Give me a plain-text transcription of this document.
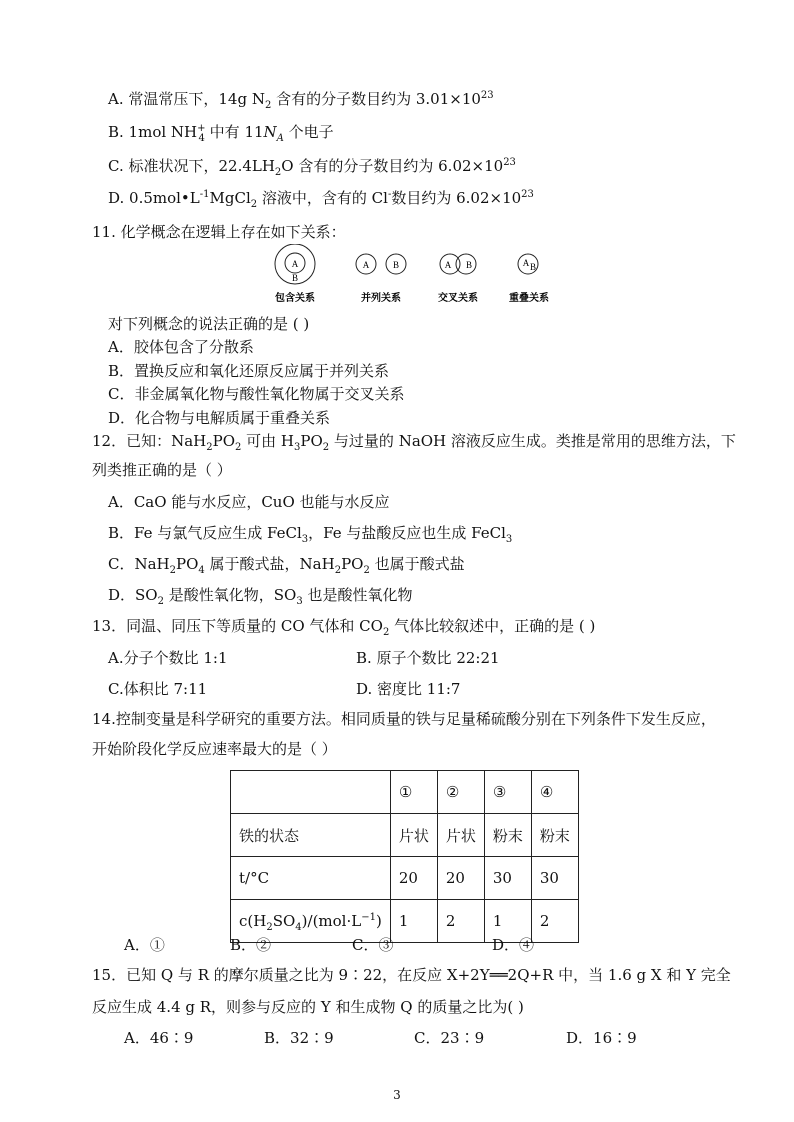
A. 常温常压下，14g $N_2$ 含有的分子数目约为 $3.01\times 10^{23}$
B. 1mol $NH^+_4$ 中有 $11N_A$ 个电子
C. 标准状况下，$22.4LH_2O$ 含有的分子数目约为 $6.02\times 10^{23}$
D. $0.5mol•L^{-1}MgCl_2$ 溶液中，含有的 Cl-数目约为 $6.02\times 10^{23}$
11. 化学概念在逻辑上存在如下关系：
A
B
A	B	A B	A B
包含关系	并列关系	交叉关系	重叠关系
对下列概念的说法正确的是 ( )
A．胶体包含了分散系
B．置换反应和氧化还原反应属于并列关系
C．非金属氧化物与酸性氧化物属于交叉关系
D．化合物与电解质属于重叠关系
12．已知：$NaH_2PO_2$ 可由 $H_3PO_2$ 与过量的 NaOH 溶液反应生成。类推是常用的思维方法，下
列类推正确的是（ ）
A．CaO 能与水反应，CuO 也能与水反应
B．Fe 与氯气反应生成 FeCl$_3$，Fe 与盐酸反应也生成 FeCl$_3$
C．$NaH_2PO_4$ 属于酸式盐，$NaH_2PO_2$ 也属于酸式盐
D．$SO_2$ 是酸性氧化物，$SO_3$ 也是酸性氧化物
13．同温、同压下等质量的 CO 气体和 $CO_2$ 气体比较叙述中，正确的是 ( )
A.分子个数比 1:1	B. 原子个数比 22:21
C.体积比 7:11	D. 密度比 11:7
14.控制变量是科学研究的重要方法。相同质量的铁与足量稀硫酸分别在下列条件下发生反应，
开始阶段化学反应速率最大的是（ ）
	①	②	③	④
铁的状态	片状	片状	粉末	粉末
t/°C	20	20	30	30
$c(H_2SO_4)/(mol\cdot L^{-1})$	1	2	1	2
A．①	B．②	C．③	D．④
15．已知 Q 与 R 的摩尔质量之比为 9∶22，在反应 X+2Y══2Q+R 中，当 1.6 g X 和 Y 完全
反应生成 4.4 g R，则参与反应的 Y 和生成物 Q 的质量之比为( )
A．46∶9	B．32∶9	C．23∶9	D．16∶9
3
